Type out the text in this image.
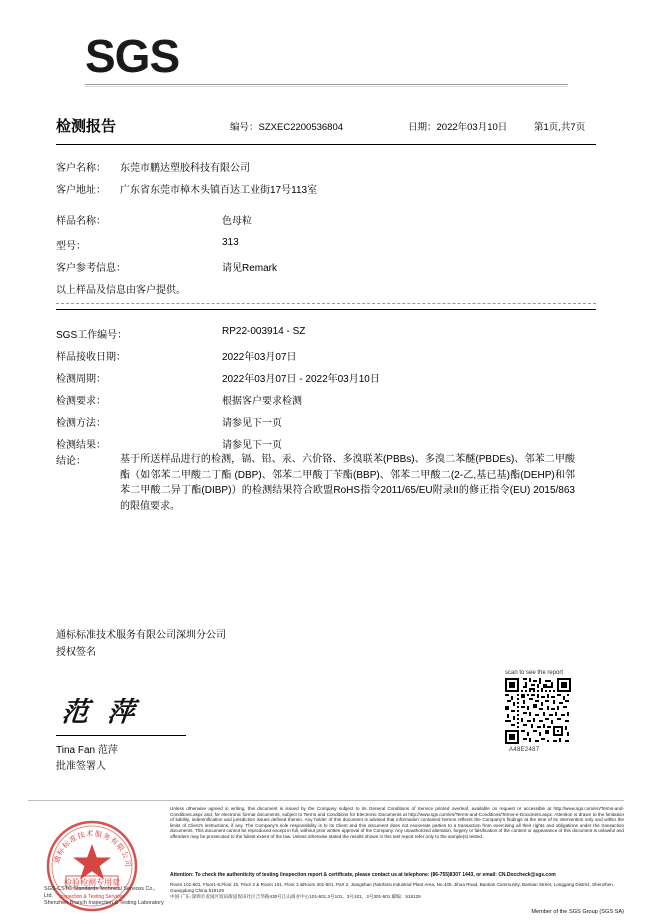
SGS
检测报告	编号：SZXEC2200536804	日期：2022年03月10日	第1页,共7页
客户名称： 东莞市鹏达塑胶科技有限公司
客户地址： 广东省东莞市樟木头镇百达工业街17号113室
样品名称：	色母粒
型号：	313
客户参考信息：	请见Remark
以上样品及信息由客户提供。
SGS工作编号：	RP22-003914 - SZ
样品接收日期：	2022年03月07日
检测周期：	2022年03月07日 - 2022年03月10日
检测要求：	根据客户要求检测
检测方法：	请参见下一页
检测结果：	请参见下一页
结论：	基于所送样品进行的检测，镉、铅、汞、六价铬、多溴联苯(PBBs)、多溴二苯醚(PBDEs)、邻苯二甲酸酯（如邻苯二甲酸二丁酯 (DBP)、邻苯二甲酸丁苄酯(BBP)、邻苯二甲酸二(2-乙,基已基)酯(DEHP)和邻苯二甲酸二异丁酯(DIBP)）的检测结果符合欧盟RoHS指令2011/65/EU附录II的修正指令(EU) 2015/863的限值要求。
通标标准技术服务有限公司深圳分公司
授权签名
范 萍
Tina Fan 范萍
批准签署人
scan to see the report
A48E2487
Unless otherwise agreed in writing, this document is issued by the Company subject to its General Conditions of Service printed overleaf, available on request or accessible at http://www.sgs.com/en/Terms-and-Conditions.aspx and, for electronic format documents, subject to Terms and Conditions for Electronic Documents at http://www.sgs.com/en/Terms-and-Conditions/Terms-e-Document.aspx. Attention is drawn to the limitation of liability, indemnification and jurisdiction issues defined therein. Any holder of this document is advised that information contained hereon reflects the Company's findings at the time of its intervention only and within the limits of Client's instructions, if any. The Company's sole responsibility is to its Client and this document does not exonerate parties to a transaction from exercising all their rights and obligations under the transaction documents. This document cannot be reproduced except in full, without prior written approval of the Company. Any unauthorized alteration, forgery or falsification of the content or appearance of this document is unlawful and offenders may be prosecuted to the fullest extent of the law. Unless otherwise stated the results shown in this test report refer only to the sample(s) tested .
Attention: To check the authenticity of testing /inspection report & certificate, please contact us at telephone: (86-755)8307 1443, or email: CN.Doccheck@sgs.com
Room 101-601, Floor1-6,Floor 10, Floor 2 & Room 101, Floor 3 &Room 301-601, Part 2, Jiangshan (Nanfarsi Industrial Plant Area, No.430, Jihua Road, Bantian Community, Bantian Street, Longgang District, Shenzhen, Guangdong China 518129
中国·广东·深圳市龙岗区坂田街道坂田社区吉华路430号江山商业中心101-601,3号101、3号101、3号301-601 邮编：518129
Member of the SGS Group (SGS SA)
通标标准技术服务有限公司
检验检测专用章
Inspection & Testing Services
SGS-CSTC Standards Technical Services Co., Ltd.
Shenzhen Branch Inspection & Testing Laboratory
